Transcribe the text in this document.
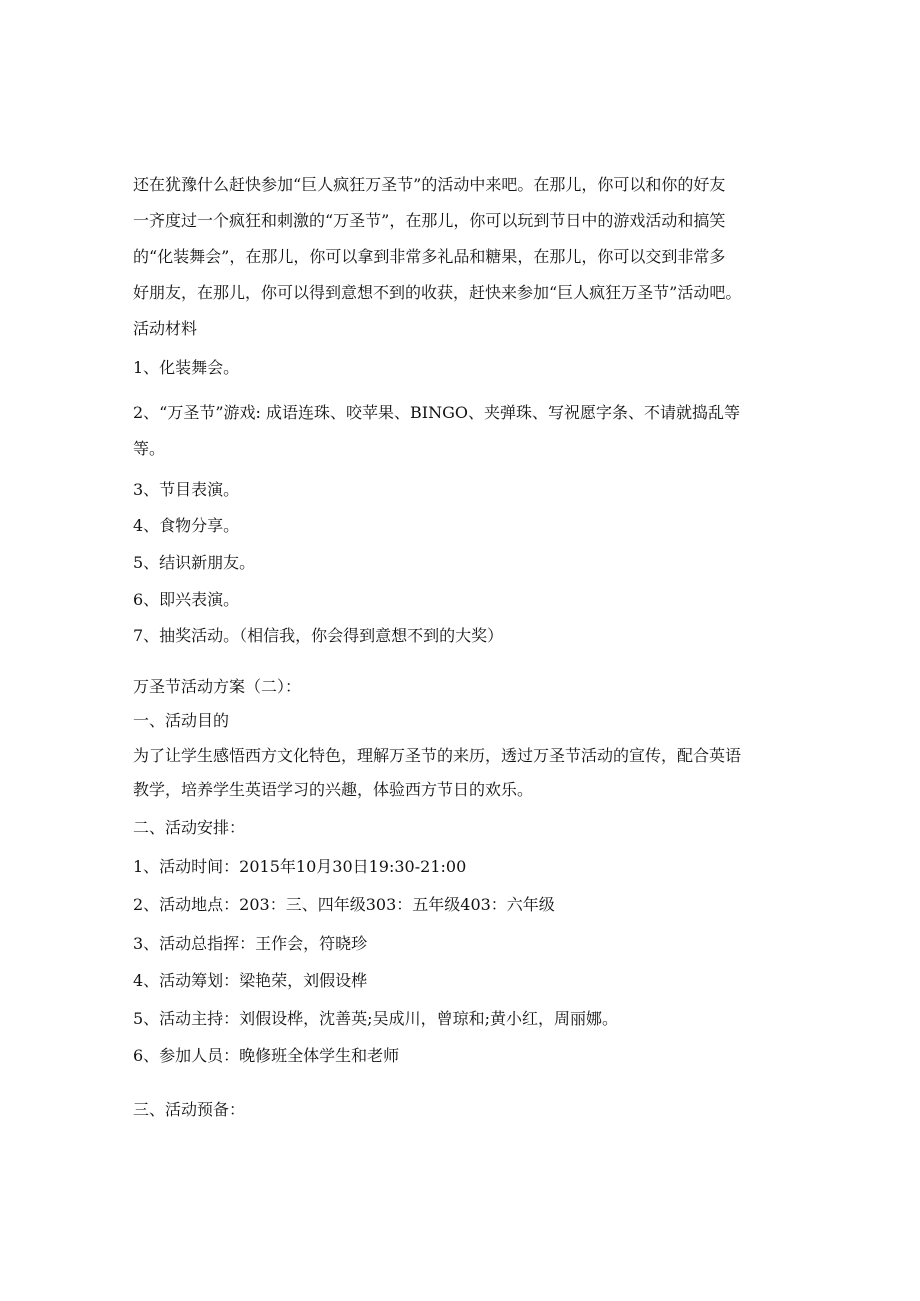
还在犹豫什么赶快参加“巨人疯狂万圣节”的活动中来吧。在那儿，你可以和你的好友
一齐度过一个疯狂和刺激的“万圣节”，在那儿，你可以玩到节日中的游戏活动和搞笑
的“化装舞会”，在那儿，你可以拿到非常多礼品和糖果，在那儿，你可以交到非常多
好朋友，在那儿，你可以得到意想不到的收获，赶快来参加“巨人疯狂万圣节”活动吧。
活动材料
1、化装舞会。
2、“万圣节”游戏: 成语连珠、咬苹果、BINGO、夹弹珠、写祝愿字条、不请就捣乱等
等。
3、节目表演。
4、食物分享。
5、结识新朋友。
6、即兴表演。
7、抽奖活动。（相信我，你会得到意想不到的大奖）
万圣节活动方案（二）：
一、活动目的
为了让学生感悟西方文化特色，理解万圣节的来历，透过万圣节活动的宣传，配合英语
教学，培养学生英语学习的兴趣，体验西方节日的欢乐。
二、活动安排：
1、活动时间：2015年10月30日19:30-21:00
2、活动地点：203：三、四年级303：五年级403：六年级
3、活动总指挥：王作会，符晓珍
4、活动筹划：梁艳荣，刘假设桦
5、活动主持：刘假设桦，沈善英;吴成川，曾琼和;黄小红，周丽娜。
6、参加人员：晚修班全体学生和老师
三、活动预备：
